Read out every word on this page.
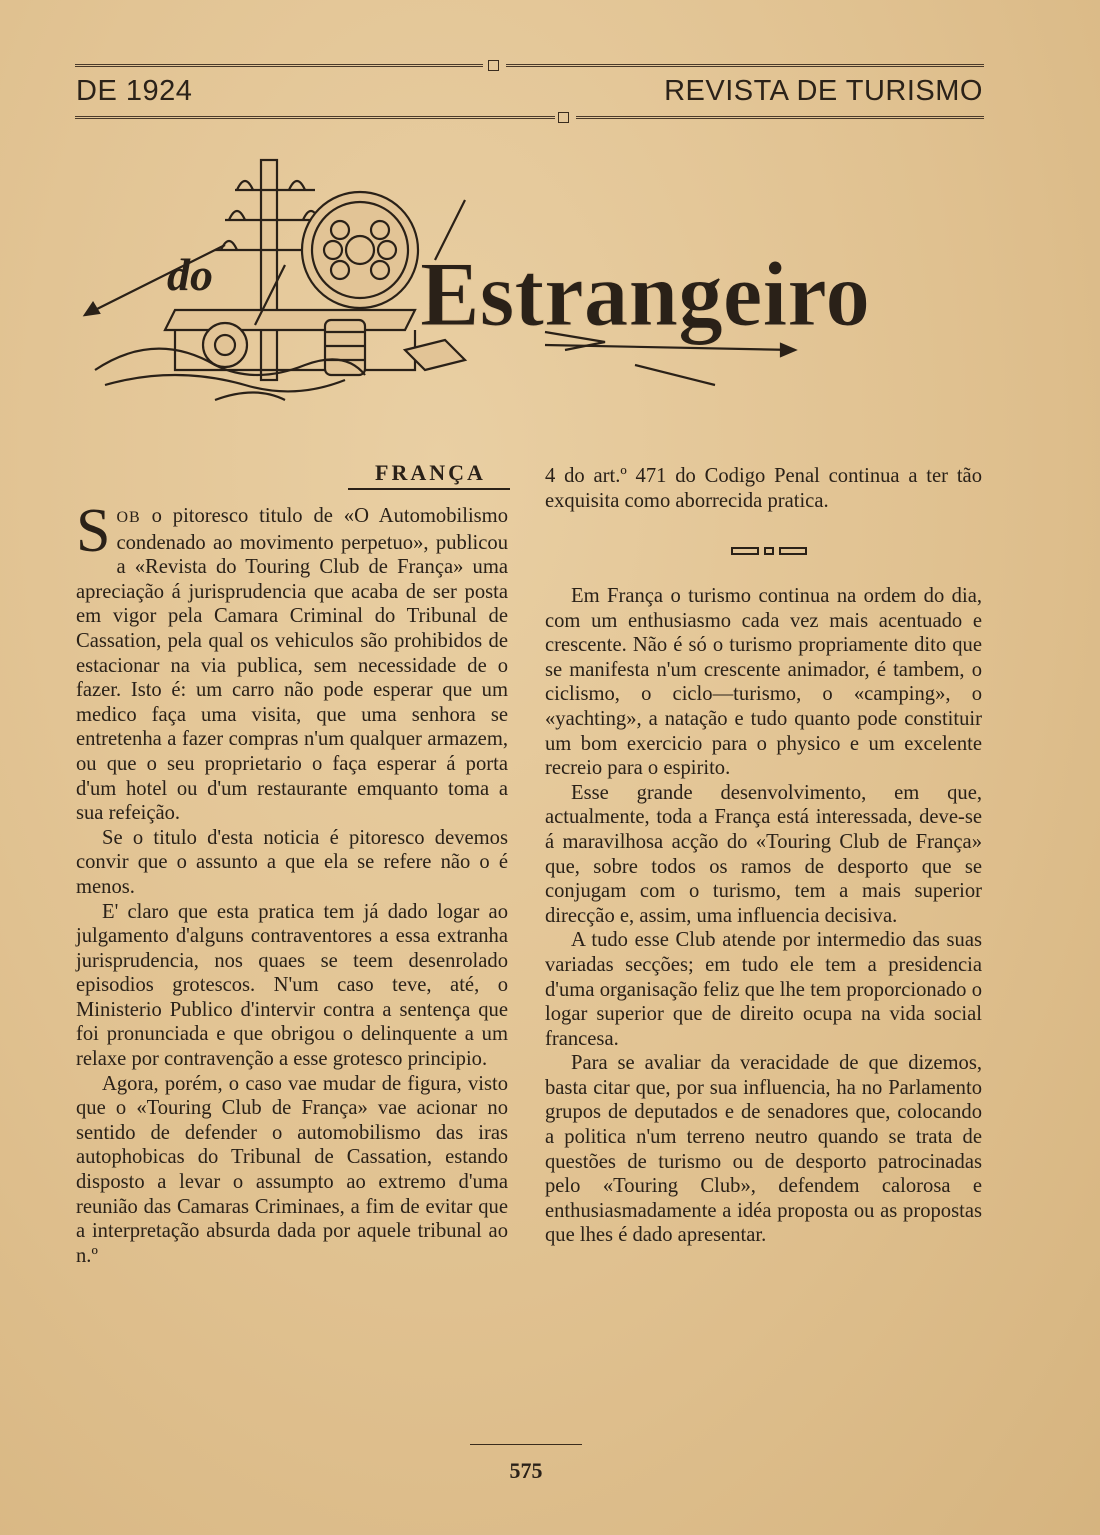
DE 1924	REVISTA DE TURISMO
do Estrangeiro
FRANÇA

SOB o pitoresco titulo de «O Automobilismo condenado ao movimento perpetuo», publicou a «Revista do Touring Club de França» uma apreciação á jurisprudencia que acaba de ser posta em vigor pela Camara Criminal do Tribunal de Cassation, pela qual os vehiculos são prohibidos de estacionar na via publica, sem necessidade de o fazer. Isto é: um carro não pode esperar que um medico faça uma visita, que uma senhora se entretenha a fazer compras n'um qualquer armazem, ou que o seu proprietario o faça esperar á porta d'um hotel ou d'um restaurante emquanto toma a sua refeição.

Se o titulo d'esta noticia é pitoresco devemos convir que o assunto a que ela se refere não o é menos.

E' claro que esta pratica tem já dado logar ao julgamento d'alguns contraventores a essa extranha jurisprudencia, nos quaes se teem desenrolado episodios grotescos. N'um caso teve, até, o Ministerio Publico d'intervir contra a sentença que foi pronunciada e que obrigou o delinquente a um relaxe por contravenção a esse grotesco principio.

Agora, porém, o caso vae mudar de figura, visto que o «Touring Club de França» vae acionar no sentido de defender o automobilismo das iras autophobicas do Tribunal de Cassation, estando disposto a levar o assumpto ao extremo d'uma reunião das Camaras Criminaes, a fim de evitar que a interpretação absurda dada por aquele tribunal ao n.º

4 do art.º 471 do Codigo Penal continua a ter tão exquisita como aborrecida pratica.

Em França o turismo continua na ordem do dia, com um enthusiasmo cada vez mais acentuado e crescente. Não é só o turismo propriamente dito que se manifesta n'um crescente animador, é tambem, o ciclismo, o ciclo—turismo, o «camping», o «yachting», a natação e tudo quanto pode constituir um bom exercicio para o physico e um excelente recreio para o espirito.

Esse grande desenvolvimento, em que, actualmente, toda a França está interessada, deve-se á maravilhosa acção do «Touring Club de França» que, sobre todos os ramos de desporto que se conjugam com o turismo, tem a mais superior direcção e, assim, uma influencia decisiva.

A tudo esse Club atende por intermedio das suas variadas secções; em tudo ele tem a presidencia d'uma organisação feliz que lhe tem proporcionado o logar superior que de direito ocupa na vida social francesa.

Para se avaliar da veracidade de que dizemos, basta citar que, por sua influencia, ha no Parlamento grupos de deputados e de senadores que, colocando a politica n'um terreno neutro quando se trata de questões de turismo ou de desporto patrocinadas pelo «Touring Club», defendem calorosa e enthusiasmadamente a idéa proposta ou as propostas que lhes é dado apresentar.

575
